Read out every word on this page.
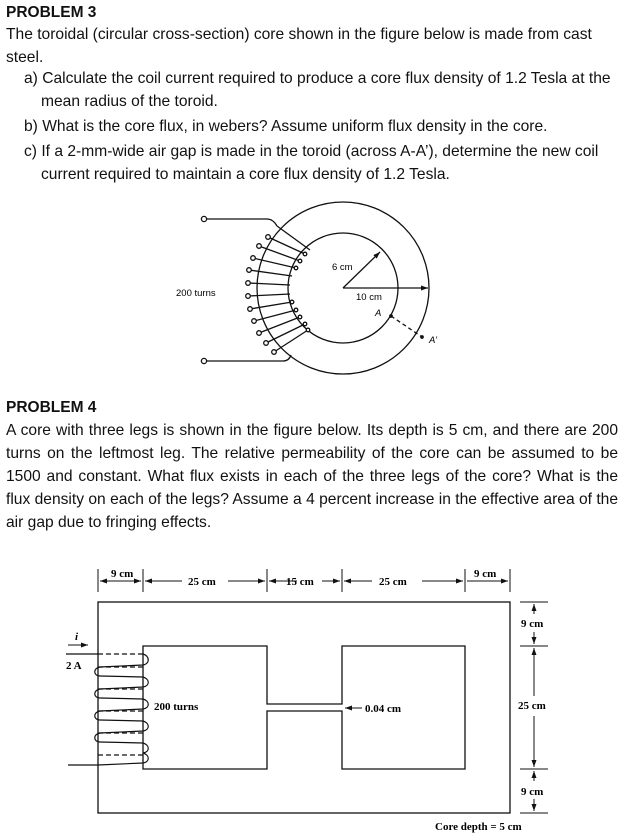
PROBLEM 3
The toroidal (circular cross-section) core shown in the figure below is made from cast steel.
a) Calculate the coil current required to produce a core flux density of 1.2 Tesla at the mean radius of the toroid.
b) What is the core flux, in webers? Assume uniform flux density in the core.
c) If a 2-mm-wide air gap is made in the toroid (across A-A’), determine the new coil current required to maintain a core flux density of 1.2 Tesla.
PROBLEM 4
A core with three legs is shown in the figure below. Its depth is 5 cm, and there are 200 turns on the leftmost leg. The relative permeability of the core can be assumed to be 1500 and constant. What flux exists in each of the three legs of the core? What is the flux density on each of the legs? Assume a 4 percent increase in the effective area of the air gap due to fringing effects.
200 turns
6 cm
10 cm
A
A’
9 cm
25 cm	15 cm	25 cm
9 cm
9 cm
25 cm
9 cm
i
2 A
200 turns	0.04 cm
Core depth = 5 cm
